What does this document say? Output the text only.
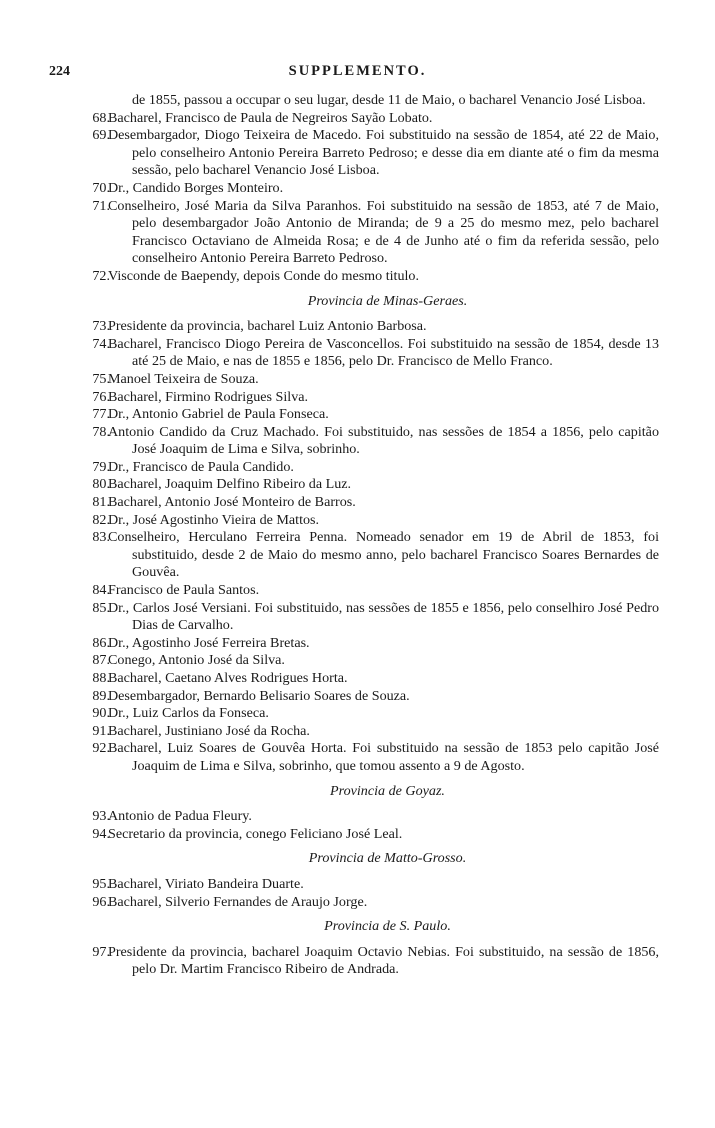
224	SUPPLEMENTO.
de 1855, passou a occupar o seu lugar, desde 11 de Maio, o bacharel Venancio José Lisboa.
68.
Bacharel, Francisco de Paula de Negreiros Sayão Lobato.
69.
Desembargador, Diogo Teixeira de Macedo. Foi substituido na sessão de 1854, até 22 de Maio, pelo conselheiro Antonio Pereira Barreto Pedroso; e desse dia em diante até o fim da mesma sessão, pelo bacharel Venancio José Lisboa.
70.
Dr., Candido Borges Monteiro.
71.
Conselheiro, José Maria da Silva Paranhos. Foi substituido na sessão de 1853, até 7 de Maio, pelo desembargador João Antonio de Miranda; de 9 a 25 do mesmo mez, pelo bacharel Francisco Octaviano de Almeida Rosa; e de 4 de Junho até o fim da referida sessão, pelo conselheiro Antonio Pereira Barreto Pedroso.
72.
Visconde de Baependy, depois Conde do mesmo titulo.
Provincia de Minas-Geraes.
73.
Presidente da provincia, bacharel Luiz Antonio Barbosa.
74.
Bacharel, Francisco Diogo Pereira de Vasconcellos. Foi substituido na sessão de 1854, desde 13 até 25 de Maio, e nas de 1855 e 1856, pelo Dr. Francisco de Mello Franco.
75.
Manoel Teixeira de Souza.
76.
Bacharel, Firmino Rodrigues Silva.
77.
Dr., Antonio Gabriel de Paula Fonseca.
78.
Antonio Candido da Cruz Machado. Foi substituido, nas sessões de 1854 a 1856, pelo capitão José Joaquim de Lima e Silva, sobrinho.
79.
Dr., Francisco de Paula Candido.
80.
Bacharel, Joaquim Delfino Ribeiro da Luz.
81.
Bacharel, Antonio José Monteiro de Barros.
82.
Dr., José Agostinho Vieira de Mattos.
83.
Conselheiro, Herculano Ferreira Penna. Nomeado senador em 19 de Abril de 1853, foi substituido, desde 2 de Maio do mesmo anno, pelo bacharel Francisco Soares Bernardes de Gouvêa.
84.
Francisco de Paula Santos.
85.
Dr., Carlos José Versiani. Foi substituido, nas sessões de 1855 e 1856, pelo conselhiro José Pedro Dias de Carvalho.
86.
Dr., Agostinho José Ferreira Bretas.
87.
Conego, Antonio José da Silva.
88.
Bacharel, Caetano Alves Rodrigues Horta.
89.
Desembargador, Bernardo Belisario Soares de Souza.
90.
Dr., Luiz Carlos da Fonseca.
91.
Bacharel, Justiniano José da Rocha.
92.
Bacharel, Luiz Soares de Gouvêa Horta. Foi substituido na sessão de 1853 pelo capitão José Joaquim de Lima e Silva, sobrinho, que tomou assento a 9 de Agosto.
Provincia de Goyaz.
93.
Antonio de Padua Fleury.
94.
Secretario da provincia, conego Feliciano José Leal.
Provincia de Matto-Grosso.
95.
Bacharel, Viriato Bandeira Duarte.
96.
Bacharel, Silverio Fernandes de Araujo Jorge.
Provincia de S. Paulo.
97.
Presidente da provincia, bacharel Joaquim Octavio Nebias. Foi substituido, na sessão de 1856, pelo Dr. Martim Francisco Ribeiro de Andrada.
